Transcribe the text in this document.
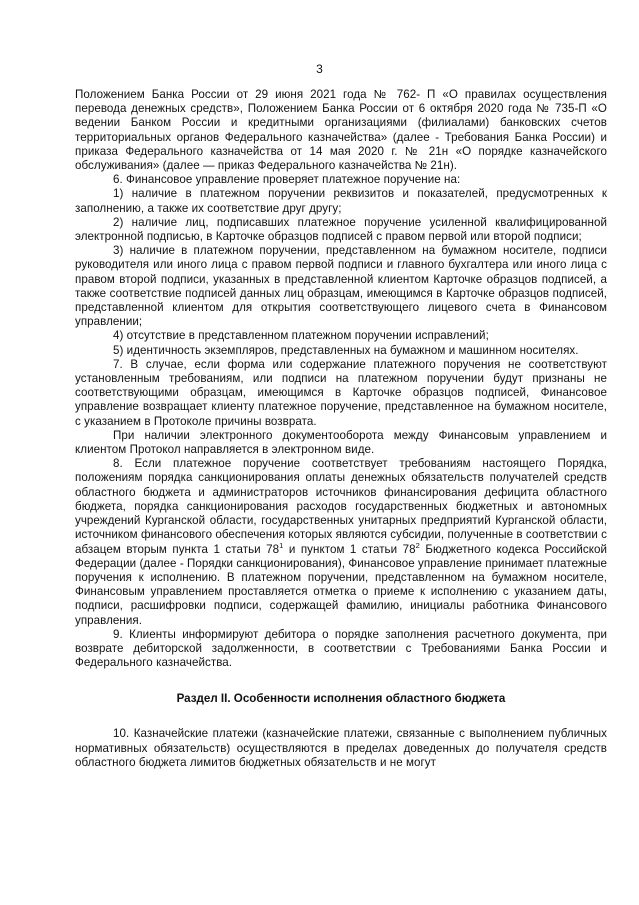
3

Положением Банка России от 29 июня 2021 года № 762- П «О правилах осуществления перевода денежных средств», Положением Банка России от 6 октября 2020 года № 735-П «О ведении Банком России и кредитными организациями (филиалами) банковских счетов территориальных органов Федерального казначейства» (далее - Требования Банка России) и приказа Федерального казначейства от 14 мая 2020 г. № 21н «О порядке казначейского обслуживания» (далее — приказ Федерального казначейства № 21н).

6. Финансовое управление проверяет платежное поручение на:

1) наличие в платежном поручении реквизитов и показателей, предусмотренных к заполнению, а также их соответствие друг другу;

2) наличие лиц, подписавших платежное поручение усиленной квалифицированной электронной подписью, в Карточке образцов подписей с правом первой или второй подписи;

3) наличие в платежном поручении, представленном на бумажном носителе, подписи руководителя или иного лица с правом первой подписи и главного бухгалтера или иного лица с правом второй подписи, указанных в представленной клиентом Карточке образцов подписей, а также соответствие подписей данных лиц образцам, имеющимся в Карточке образцов подписей, представленной клиентом для открытия соответствующего лицевого счета в Финансовом управлении;

4) отсутствие в представленном платежном поручении исправлений;

5) идентичность экземпляров, представленных на бумажном и машинном носителях.

7. В случае, если форма или содержание платежного поручения не соответствуют установленным требованиям, или подписи на платежном поручении будут признаны не соответствующими образцам, имеющимся в Карточке образцов подписей, Финансовое управление возвращает клиенту платежное поручение, представленное на бумажном носителе, с указанием в Протоколе причины возврата.

При наличии электронного документооборота между Финансовым управлением и клиентом Протокол направляется в электронном виде.

8. Если платежное поручение соответствует требованиям настоящего Порядка, положениям порядка санкционирования оплаты денежных обязательств получателей средств областного бюджета и администраторов источников финансирования дефицита областного бюджета, порядка санкционирования расходов государственных бюджетных и автономных учреждений Курганской области, государственных унитарных предприятий Курганской области, источником финансового обеспечения которых являются субсидии, полученные в соответствии с абзацем вторым пункта 1 статьи $78^1$ и пунктом 1 статьи $78^2$ Бюджетного кодекса Российской Федерации (далее - Порядки санкционирования), Финансовое управление принимает платежные поручения к исполнению. В платежном поручении, представленном на бумажном носителе, Финансовым управлением проставляется отметка о приеме к исполнению с указанием даты, подписи, расшифровки подписи, содержащей фамилию, инициалы работника Финансового управления.

9. Клиенты информируют дебитора о порядке заполнения расчетного документа, при возврате дебиторской задолженности, в соответствии с Требованиями Банка России и Федерального казначейства.

Раздел II. Особенности исполнения областного бюджета

10. Казначейские платежи (казначейские платежи, связанные с выполнением публичных нормативных обязательств) осуществляются в пределах доведенных до получателя средств областного бюджета лимитов бюджетных обязательств и не могут
